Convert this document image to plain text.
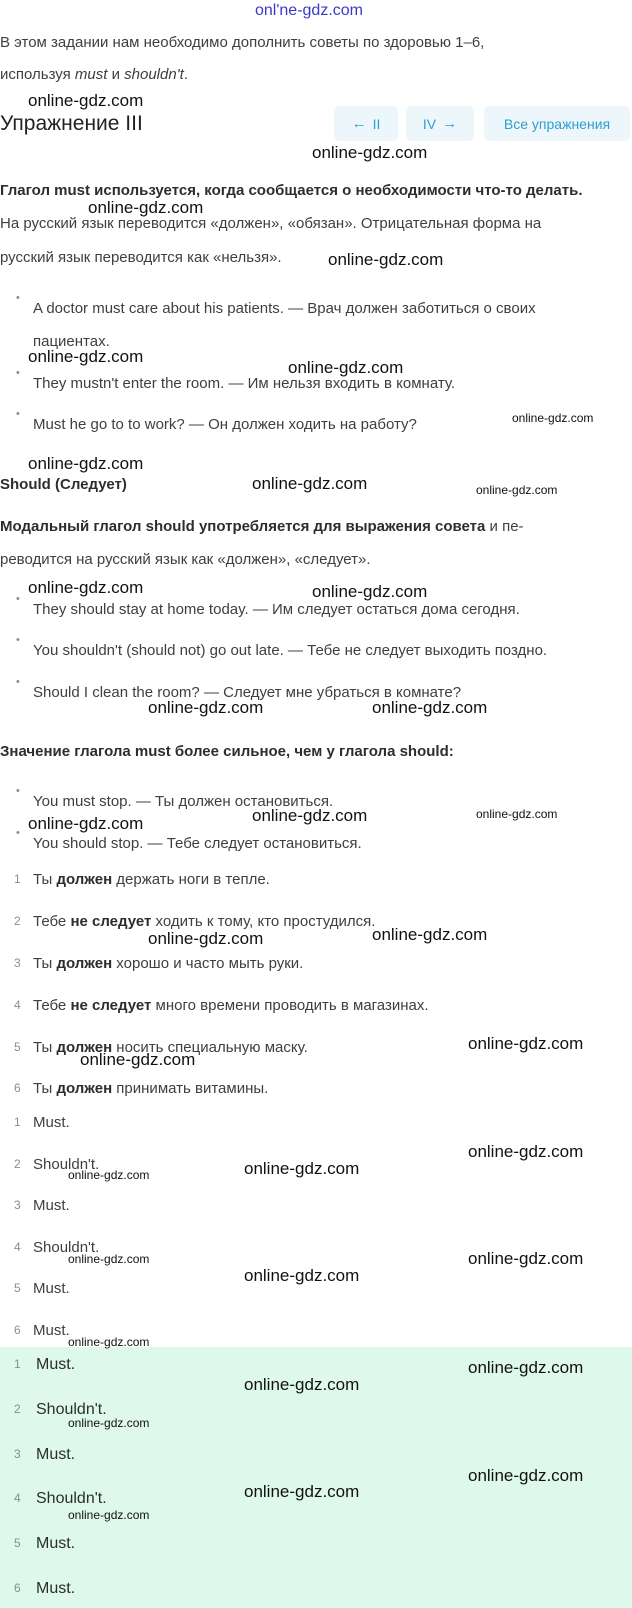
onl'ne-gdz.com
В этом задании нам необходимо дополнить советы по здоровью 1–6,
используя must и shouldn't.
Упражнение III	← II	IV →	Все упражнения
Глагол must используется, когда сообщается о необходимости что-то делать.
На русский язык переводится «должен», «обязан». Отрицательная форма на
русский язык переводится как «нельзя».
•
A doctor must care about his patients. — Врач должен заботиться о своих
пациентах.
•
They mustn't enter the room. — Им нельзя входить в комнату.
•
Must he go to to work? — Он должен ходить на работу?
Should (Следует)
Модальный глагол should употребляется для выражения совета и пе-
реводится на русский язык как «должен», «следует».
•
They should stay at home today. — Им следует остаться дома сегодня.
•
You shouldn't (should not) go out late. — Тебе не следует выходить поздно.
•
Should I clean the room? — Следует мне убраться в комнате?
Значение глагола must более сильное, чем у глагола should:
•
You must stop. — Ты должен остановиться.
•
You should stop. — Тебе следует остановиться.
1 Ты должен держать ноги в тепле.
2 Тебе не следует ходить к тому, кто простудился.
3 Ты должен хорошо и часто мыть руки.
4 Тебе не следует много времени проводить в магазинах.
5 Ты должен носить специальную маску.
6 Ты должен принимать витамины.
1 Must.
2 Shouldn't.
3 Must.
4 Shouldn't.
5 Must.
6 Must.
1 Must.
2 Shouldn't.
3 Must.
4 Shouldn't.
5 Must.
6 Must.
online-gdz.com
online-gdz.com
online-gdz.com
online-gdz.com
online-gdz.com
online-gdz.com
online-gdz.com
online-gdz.com
online-gdz.com	online-gdz.com
online-gdz.com	online-gdz.com
online-gdz.com	online-gdz.com
online-gdz.com	online-gdz.com
online-gdz.com
online-gdz.com	online-gdz.com
online-gdz.com
online-gdz.com
online-gdz.com
online-gdz.com
online-gdz.com
online-gdz.com
online-gdz.com
online-gdz.com
online-gdz.com
online-gdz.com
online-gdz.com
online-gdz.com
online-gdz.com
online-gdz.com
online-gdz.com
